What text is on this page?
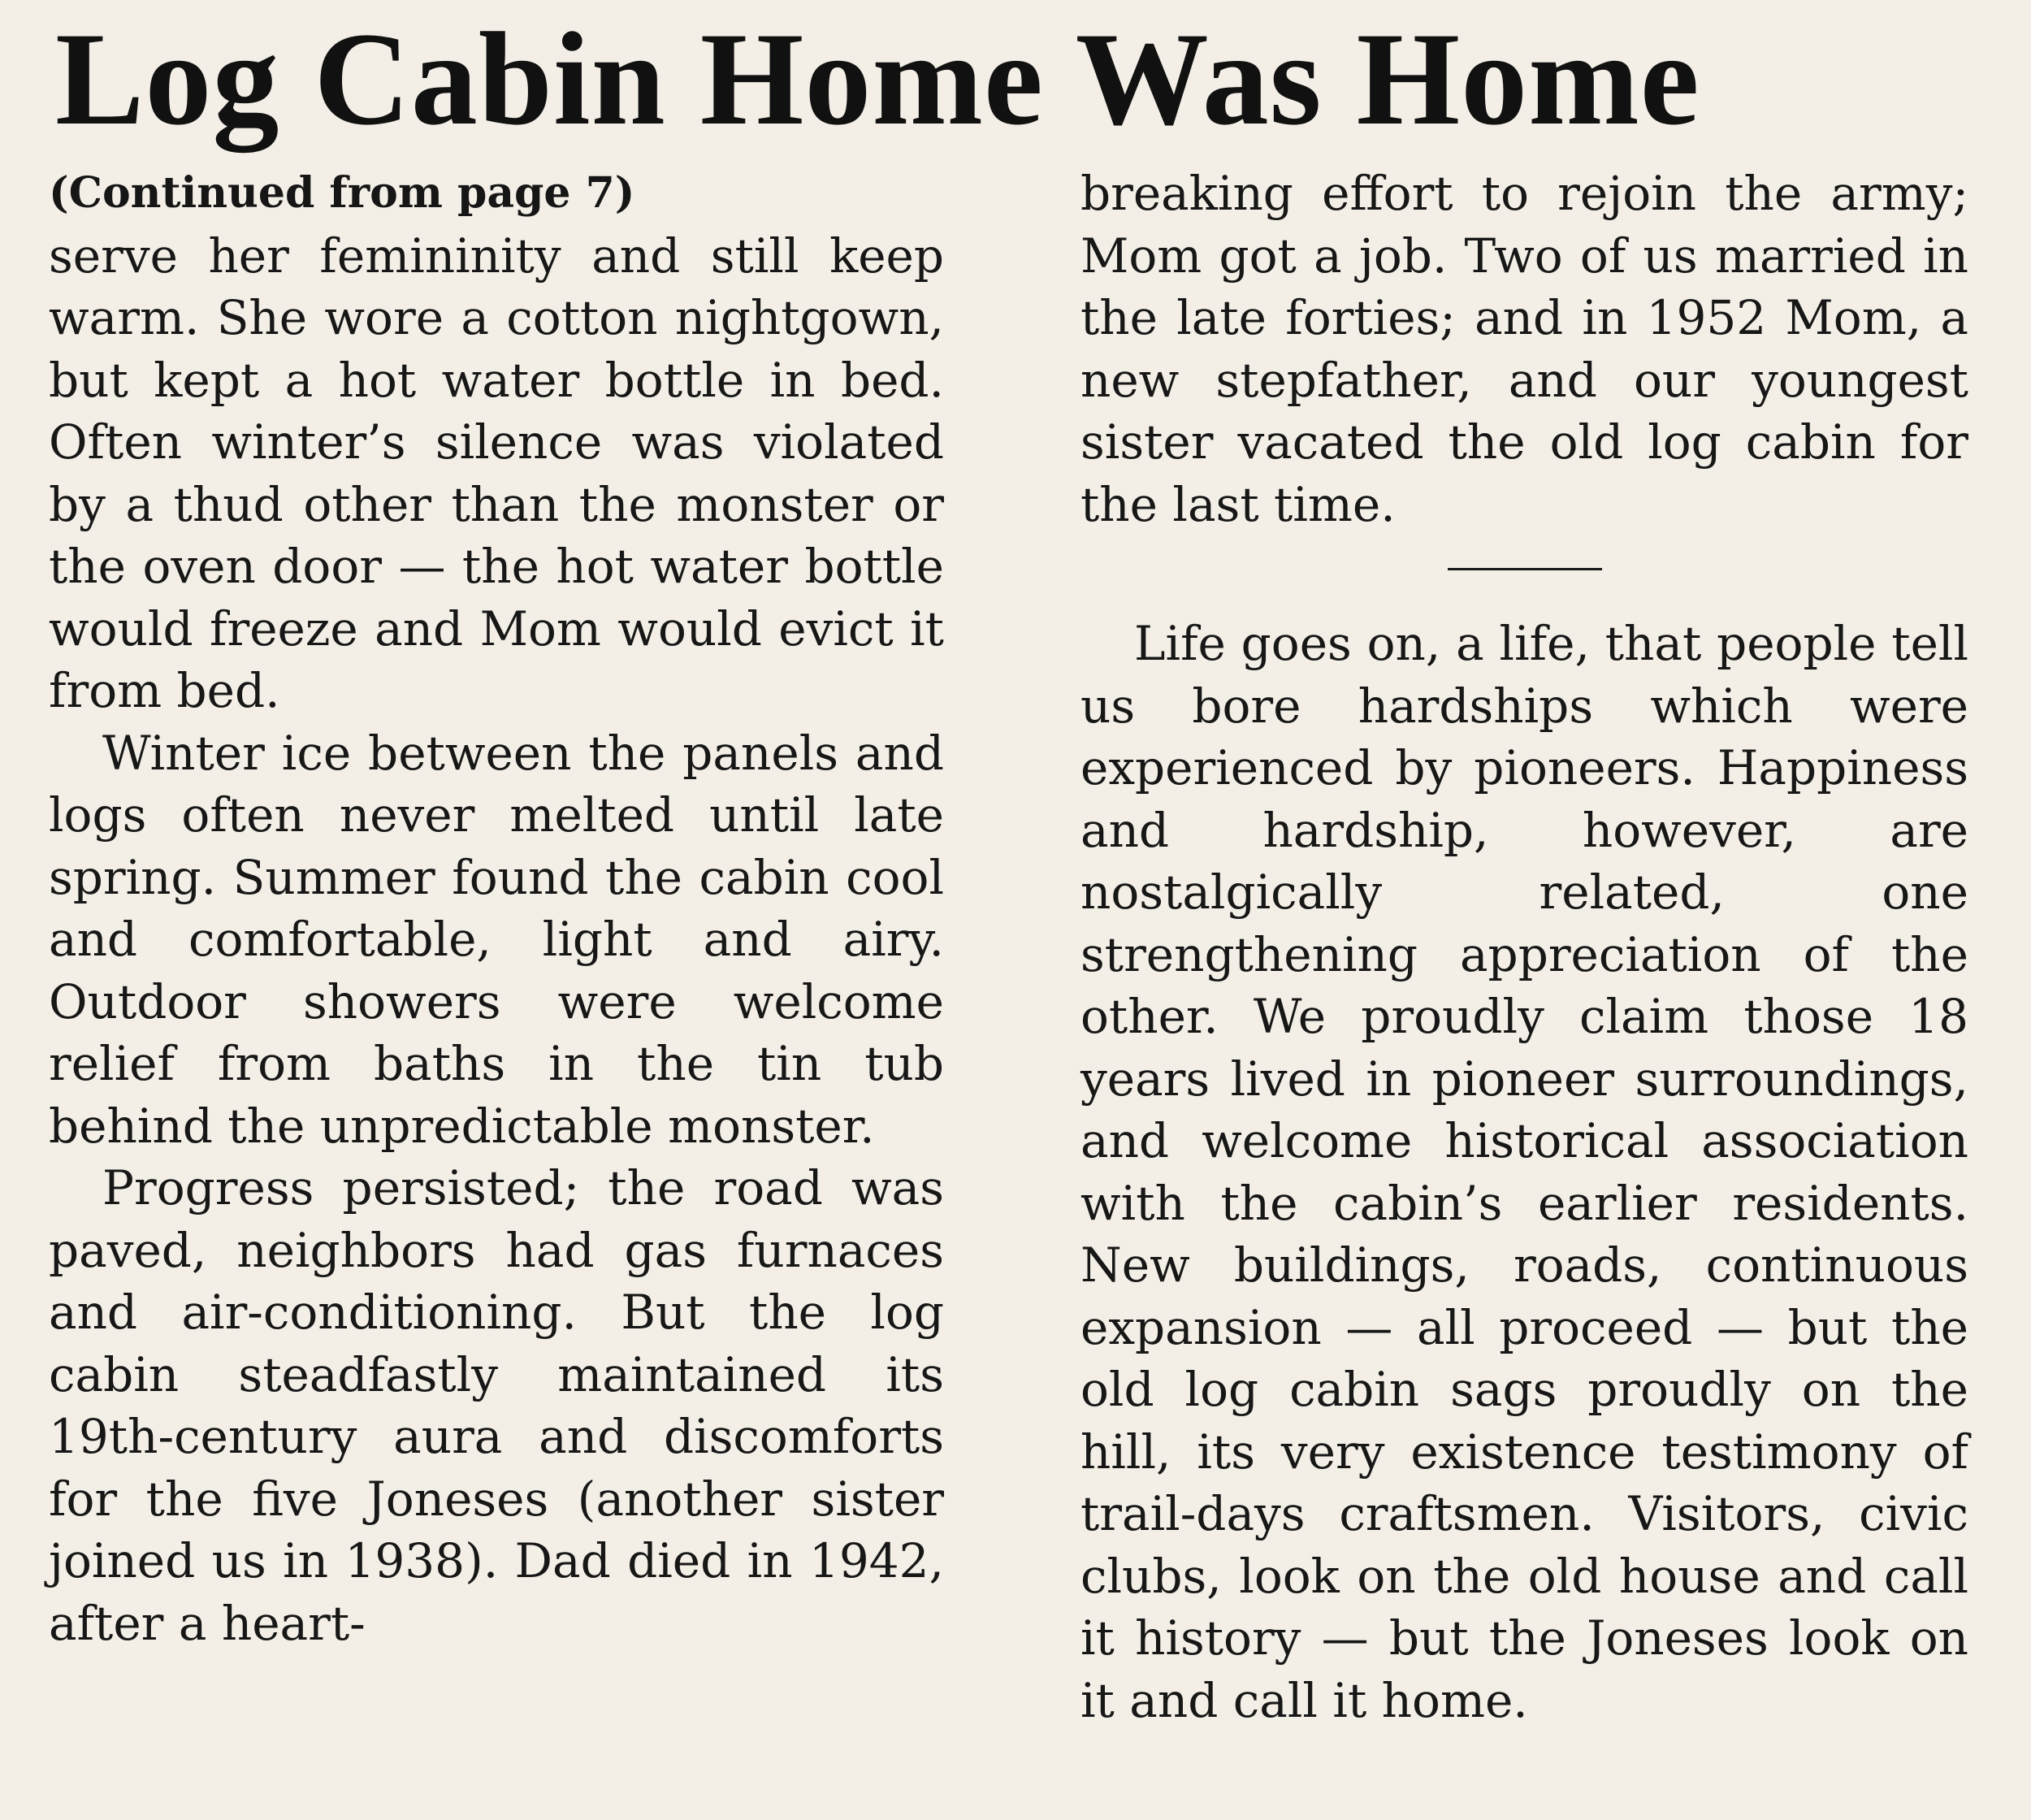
Log Cabin Home Was Home

(Continued from page 7)

serve her femininity and still keep warm. She wore a cotton nightgown, but kept a hot water bottle in bed. Often winter’s silence was violated by a thud other than the monster or the oven door — the hot water bottle would freeze and Mom would evict it from bed.

Winter ice between the panels and logs often never melted until late spring. Summer found the cabin cool and comfortable, light and airy. Outdoor showers were welcome relief from baths in the tin tub behind the unpredictable monster.

Progress persisted; the road was paved, neighbors had gas furnaces and air-conditioning. But the log cabin steadfastly maintained its 19th-century aura and discomforts for the five Joneses (another sister joined us in 1938). Dad died in 1942, after a heart-

breaking effort to rejoin the army; Mom got a job. Two of us married in the late forties; and in 1952 Mom, a new stepfather, and our youngest sister vacated the old log cabin for the last time.

Life goes on, a life, that people tell us bore hardships which were experienced by pioneers. Happiness and hardship, however, are nostalgically related, one strengthening appreciation of the other. We proudly claim those 18 years lived in pioneer surroundings, and welcome historical association with the cabin’s earlier residents. New buildings, roads, continuous expansion — all proceed — but the old log cabin sags proudly on the hill, its very existence testimony of trail-days craftsmen. Visitors, civic clubs, look on the old house and call it history — but the Joneses look on it and call it home.
